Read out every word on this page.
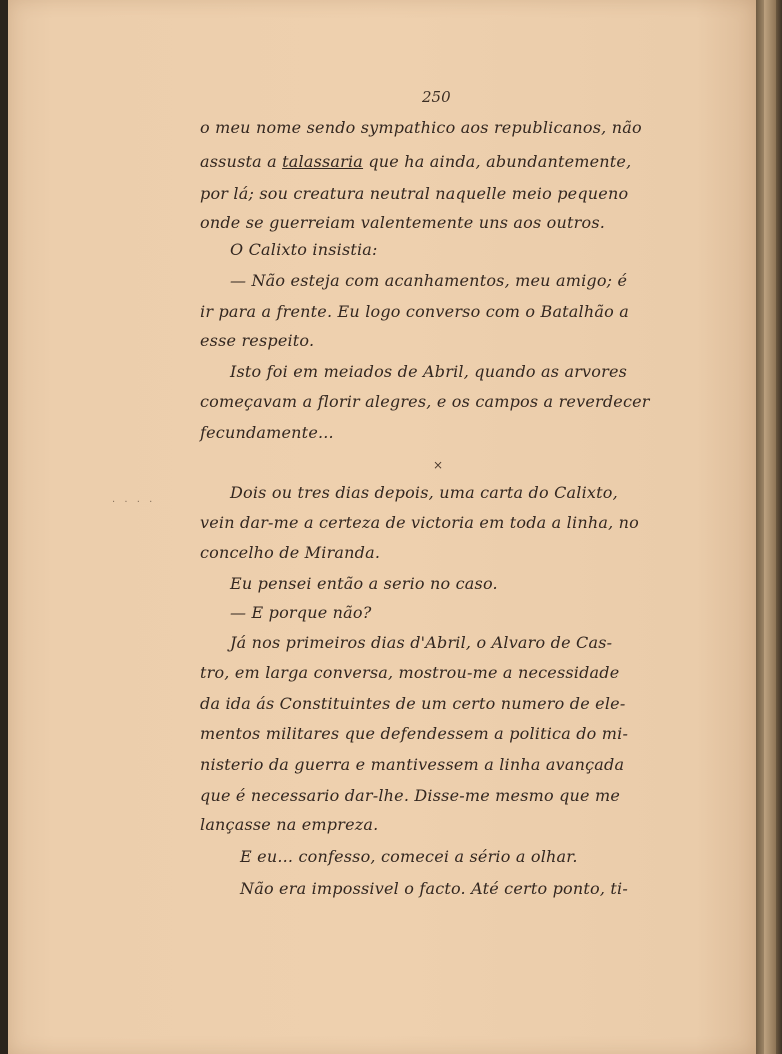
250
o meu nome sendo sympathico aos republicanos, não
assusta a talassaria que ha ainda, abundantemente,
por lá; sou creatura neutral naquelle meio pequeno
onde se guerreiam valentemente uns aos outros.
O Calixto insistia:
— Não esteja com acanhamentos, meu amigo; é
ir para a frente. Eu logo converso com o Batalhão a
esse respeito.
Isto foi em meiados de Abril, quando as arvores
começavam a florir alegres, e os campos a reverdecer
fecundamente...
×
Dois ou tres dias depois, uma carta do Calixto,
. . . .
vein dar-me a certeza de victoria em toda a linha, no
concelho de Miranda.
Eu pensei então a serio no caso.
— E porque não?
Já nos primeiros dias d'Abril, o Alvaro de Cas-
tro, em larga conversa, mostrou-me a necessidade
da ida ás Constituintes de um certo numero de ele-
mentos militares que defendessem a politica do mi-
nisterio da guerra e mantivessem a linha avançada
que é necessario dar-lhe. Disse-me mesmo que me
lançasse na emprezа.
E eu... confesso, comecei a sério a olhar.
Não era impossivel o facto. Até certo ponto, ti-
